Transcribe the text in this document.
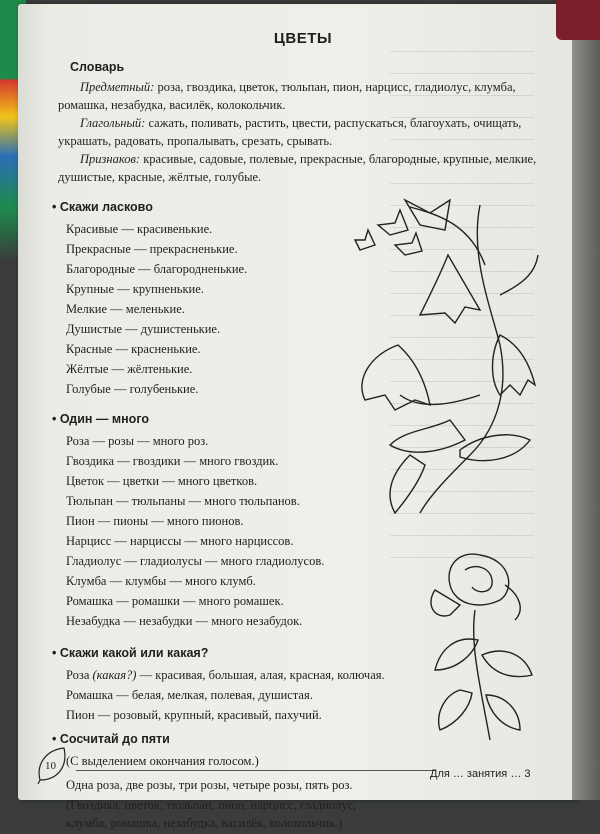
ЦВЕТЫ
Словарь

Предметный: роза, гвоздика, цветок, тюльпан, пион, нарцисс, гладиолус, клумба, ромашка, незабудка, василёк, колокольчик.

Глагольный: сажать, поливать, растить, цвести, распускаться, благоухать, очищать, украшать, радовать, пропалывать, срезать, срывать.

Признаков: красивые, садовые, полевые, прекрасные, благородные, крупные, мелкие, душистые, красные, жёлтые, голубые.

• Скажи ласково

Красивые — красивенькие.

Прекрасные — прекрасненькие.

Благородные — благородненькие.

Крупные — крупненькие.

Мелкие — меленькие.

Душистые — душистенькие.

Красные — красненькие.

Жёлтые — жёлтенькие.

Голубые — голубенькие.

• Один — много

Роза — розы — много роз.

Гвоздика — гвоздики — много гвоздик.

Цветок — цветки — много цветков.

Тюльпан — тюльпаны — много тюльпанов.

Пион — пионы — много пионов.

Нарцисс — нарциссы — много нарциссов.

Гладиолус — гладиолусы — много гладиолусов.

Клумба — клумбы — много клумб.

Ромашка — ромашки — много ромашек.

Незабудка — незабудки — много незабудок.

• Скажи какой или какая?

Роза (какая?) — красивая, большая, алая, красная, колючая.

Ромашка — белая, мелкая, полевая, душистая.

Пион — розовый, крупный, красивый, пахучий.

• Сосчитай до пяти

(С выделением окончания голосом.)

Одна роза, две розы, три розы, четыре розы, пять роз.

(Гвоздика, цветок, тюльпан, пион, нарцисс, гладиолус, клумба, ромашка, незабудка, василёк, колокольчик.)

10
Для … занятия … 3
